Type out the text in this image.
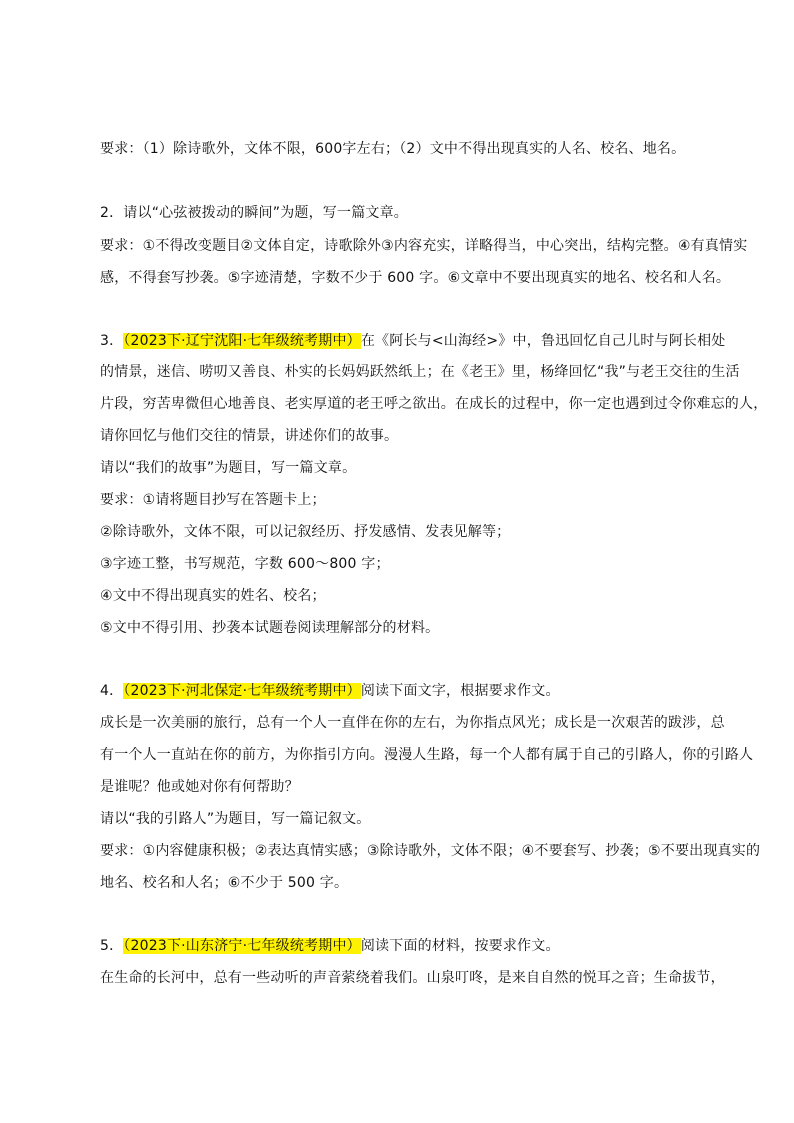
要求：（1）除诗歌外，文体不限，600字左右；（2）文中不得出现真实的人名、校名、地名。
2．请以“心弦被拨动的瞬间”为题，写一篇文章。
要求：①不得改变题目②文体自定，诗歌除外③内容充实，详略得当，中心突出，结构完整。④有真情实
感，不得套写抄袭。⑤字迹清楚，字数不少于 600 字。⑥文章中不要出现真实的地名、校名和人名。
3．（2023下·辽宁沈阳·七年级统考期中）在《阿长与<山海经>》中，鲁迅回忆自己儿时与阿长相处
的情景，迷信、唠叨又善良、朴实的长妈妈跃然纸上；在《老王》里，杨绛回忆“我”与老王交往的生活
片段，穷苦卑微但心地善良、老实厚道的老王呼之欲出。在成长的过程中，你一定也遇到过令你难忘的人，
请你回忆与他们交往的情景，讲述你们的故事。
请以“我们的故事”为题目，写一篇文章。
要求：①请将题目抄写在答题卡上；
②除诗歌外，文体不限，可以记叙经历、抒发感情、发表见解等；
③字迹工整，书写规范，字数 600～800 字；
④文中不得出现真实的姓名、校名；
⑤文中不得引用、抄袭本试题卷阅读理解部分的材料。
4．（2023下·河北保定·七年级统考期中）阅读下面文字，根据要求作文。
成长是一次美丽的旅行，总有一个人一直伴在你的左右，为你指点风光；成长是一次艰苦的跋涉，总
有一个人一直站在你的前方，为你指引方向。漫漫人生路，每一个人都有属于自己的引路人，你的引路人
是谁呢？他或她对你有何帮助？
请以“我的引路人”为题目，写一篇记叙文。
要求：①内容健康积极；②表达真情实感；③除诗歌外，文体不限；④不要套写、抄袭；⑤不要出现真实的
地名、校名和人名；⑥不少于 500 字。
5．（2023下·山东济宁·七年级统考期中）阅读下面的材料，按要求作文。
在生命的长河中，总有一些动听的声音萦绕着我们。山泉叮咚，是来自自然的悦耳之音；生命拔节，
